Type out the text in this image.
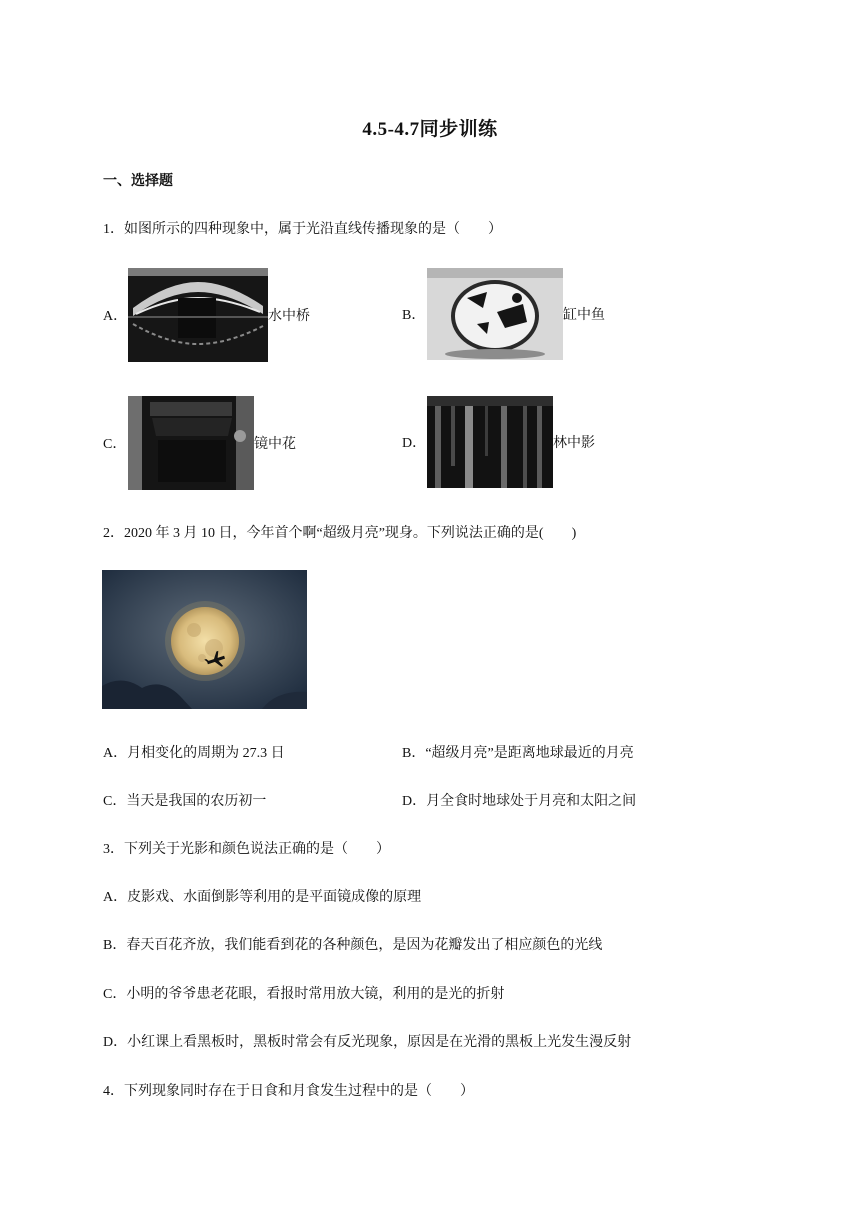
4.5-4.7同步训练
一、选择题
1．如图所示的四种现象中，属于光沿直线传播现象的是（　　）
A．	水中桥	B．	缸中鱼
C．	镜中花	D．	林中影
2．2020 年 3 月 10 日，今年首个啊“超级月亮”现身。下列说法正确的是(　　)
A．月相变化的周期为 27.3 日	B．“超级月亮”是距离地球最近的月亮
C．当天是我国的农历初一	D．月全食时地球处于月亮和太阳之间
3．下列关于光影和颜色说法正确的是（　　）
A．皮影戏、水面倒影等利用的是平面镜成像的原理
B．春天百花齐放，我们能看到花的各种颜色，是因为花瓣发出了相应颜色的光线
C．小明的爷爷患老花眼，看报时常用放大镜，利用的是光的折射
D．小红课上看黑板时，黑板时常会有反光现象，原因是在光滑的黑板上光发生漫反射
4．下列现象同时存在于日食和月食发生过程中的是（　　）
